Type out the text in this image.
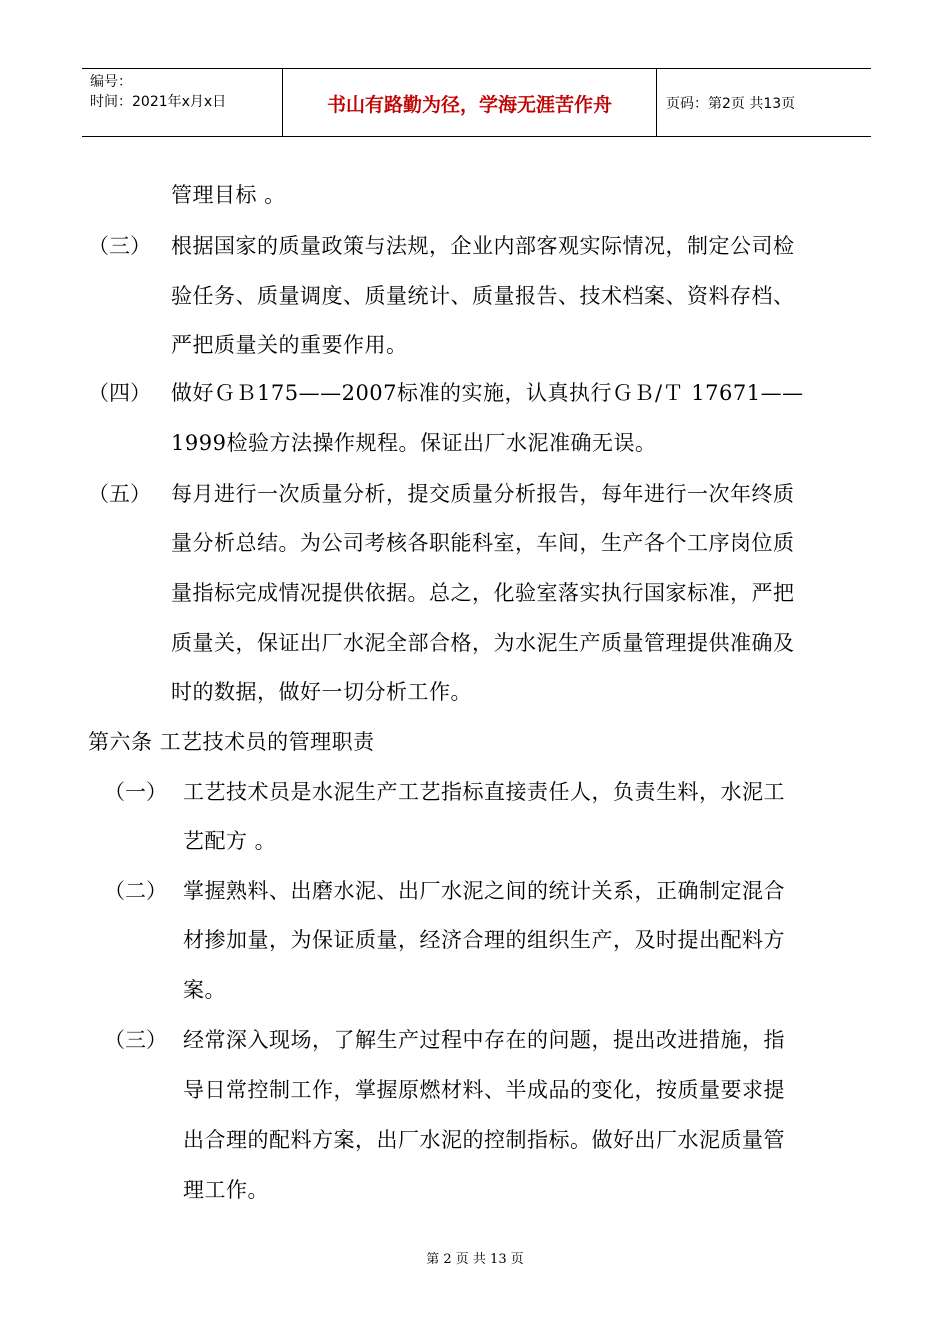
编号：
时间：2021年x月x日	书山有路勤为径，学海无涯苦作舟	页码：第2页 共13页
管理目标 。
（三） 根据国家的质量政策与法规，企业内部客观实际情况，制定公司检
验任务、质量调度、质量统计、质量报告、技术档案、资料存档、
严把质量关的重要作用。
（四） 做好ＧＢ175——2007标准的实施，认真执行ＧＢ/Ｔ 17671——
1999检验方法操作规程。保证出厂水泥准确无误。
（五） 每月进行一次质量分析，提交质量分析报告，每年进行一次年终质
量分析总结。为公司考核各职能科室，车间，生产各个工序岗位质
量指标完成情况提供依据。总之，化验室落实执行国家标准，严把
质量关，保证出厂水泥全部合格，为水泥生产质量管理提供准确及
时的数据，做好一切分析工作。
第六条 工艺技术员的管理职责
（一） 工艺技术员是水泥生产工艺指标直接责任人，负责生料，水泥工
艺配方 。
（二） 掌握熟料、出磨水泥、出厂水泥之间的统计关系，正确制定混合
材掺加量，为保证质量，经济合理的组织生产，及时提出配料方
案。
（三） 经常深入现场，了解生产过程中存在的问题，提出改进措施，指
导日常控制工作，掌握原燃材料、半成品的变化，按质量要求提
出合理的配料方案，出厂水泥的控制指标。做好出厂水泥质量管
理工作。
第 2 页 共 13 页
